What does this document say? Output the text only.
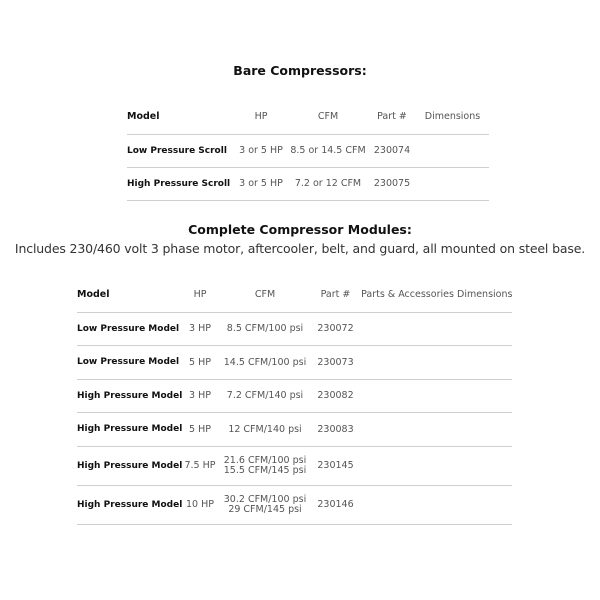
Bare Compressors:
Model	HP	CFM	Part #	Dimensions
Low Pressure Scroll	3 or 5 HP	8.5 or 14.5 CFM	230074	
High Pressure Scroll	3 or 5 HP	7.2 or 12 CFM	230075	
Complete Compressor Modules:
Includes 230/460 volt 3 phase motor, aftercooler, belt, and guard, all mounted on steel base.
Model	HP	CFM	Part #	Parts & Accessories	Dimensions
Low Pressure Model	3 HP	8.5 CFM/100 psi	230072		
Low Pressure Model	5 HP	14.5 CFM/100 psi	230073		
High Pressure Model	3 HP	7.2 CFM/140 psi	230082		
High Pressure Model	5 HP	12 CFM/140 psi	230083		
High Pressure Model	7.5 HP	21.6 CFM/100 psi
15.5 CFM/145 psi	230145		
High Pressure Model	10 HP	30.2 CFM/100 psi
29 CFM/145 psi	230146		
